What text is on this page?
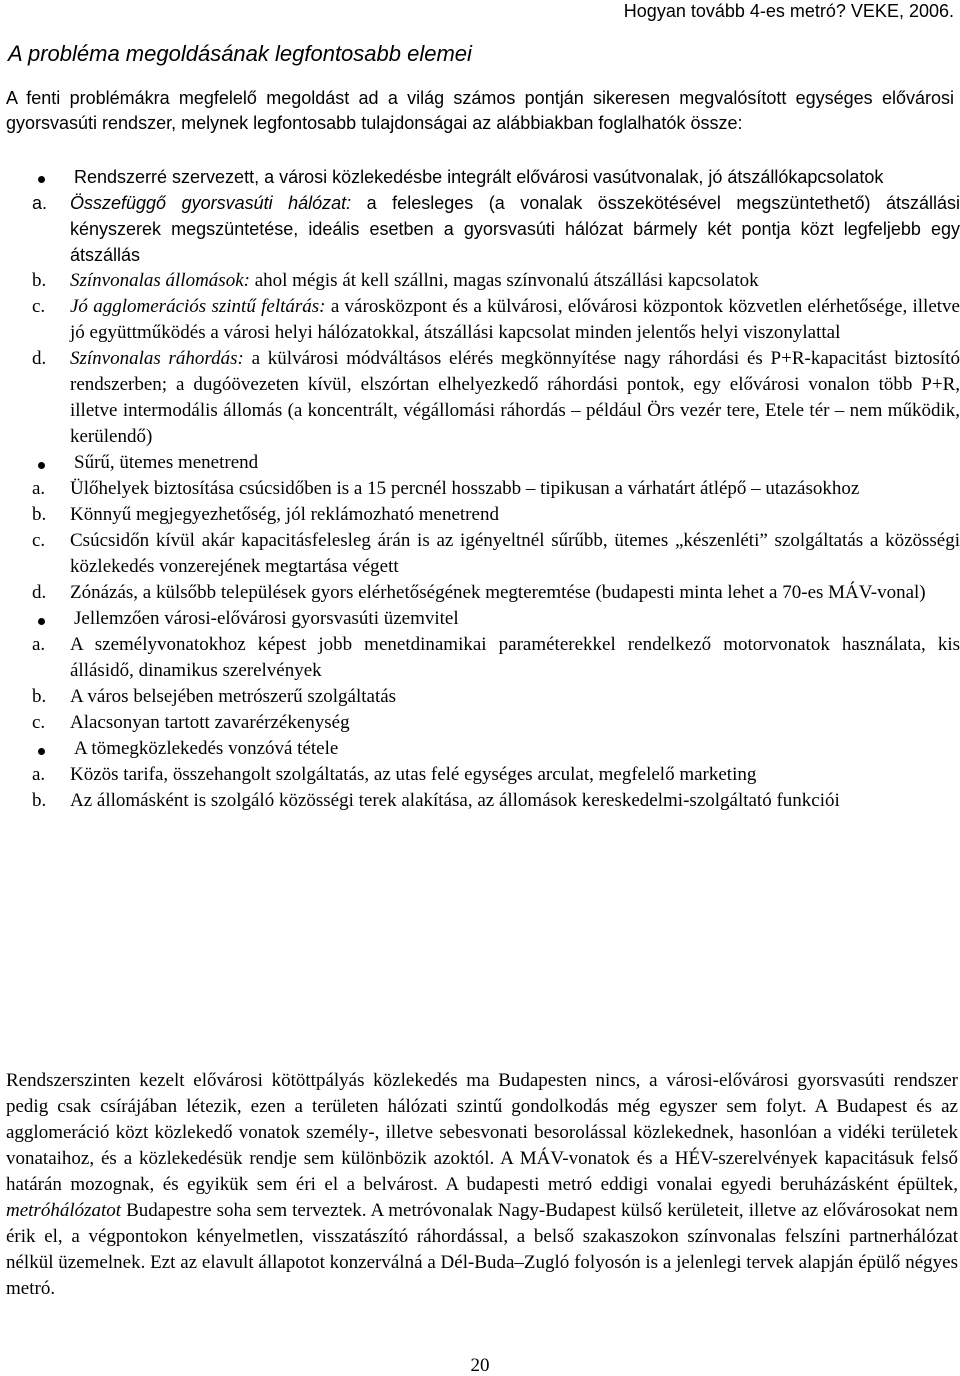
Hogyan tovább 4-es metró? VEKE, 2006.
A probléma megoldásának legfontosabb elemei

A fenti problémákra megfelelő megoldást ad a világ számos pontján sikeresen megvalósított egységes elővárosi gyorsvasúti rendszer, melynek legfontosabb tulajdonságai az alábbiakban foglalhatók össze:

Rendszerré szervezett, a városi közlekedésbe integrált elővárosi vasútvonalak, jó átszállókapcsolatok

a. Összefüggő gyorsvasúti hálózat: a felesleges (a vonalak összekötésével megszüntethető) átszállási kényszerek megszüntetése, ideális esetben a gyorsvasúti hálózat bármely két pontja közt legfeljebb egy átszállás

b. Színvonalas állomások: ahol mégis át kell szállni, magas színvonalú átszállási kapcsolatok

c. Jó agglomerációs szintű feltárás: a városközpont és a külvárosi, elővárosi központok közvetlen elérhetősége, illetve jó együttműködés a városi helyi hálózatokkal, átszállási kapcsolat minden jelentős helyi viszonylattal

d. Színvonalas ráhordás: a külvárosi módváltásos elérés megkönnyítése nagy ráhordási és P+R-kapacitást biztosító rendszerben; a dugóövezeten kívül, elszórtan elhelyezkedő ráhordási pontok, egy elővárosi vonalon több P+R, illetve intermodális állomás (a koncentrált, végállomási ráhordás – például Örs vezér tere, Etele tér – nem működik, kerülendő)

Sűrű, ütemes menetrend

a. Ülőhelyek biztosítása csúcsidőben is a 15 percnél hosszabb – tipikusan a várhatárt átlépő – utazásokhoz

b. Könnyű megjegyezhetőség, jól reklámozható menetrend

c. Csúcsidőn kívül akár kapacitásfelesleg árán is az igényeltnél sűrűbb, ütemes „készenléti” szolgáltatás a közösségi közlekedés vonzerejének megtartása végett

d. Zónázás, a külsőbb települések gyors elérhetőségének megteremtése (budapesti minta lehet a 70-es MÁV-vonal)

Jellemzően városi-elővárosi gyorsvasúti üzemvitel

a. A személyvonatokhoz képest jobb menetdinamikai paraméterekkel rendelkező motorvonatok használata, kis állásidő, dinamikus szerelvények

b. A város belsejében metrószerű szolgáltatás

c. Alacsonyan tartott zavarérzékenység

A tömegközlekedés vonzóvá tétele

a. Közös tarifa, összehangolt szolgáltatás, az utas felé egységes arculat, megfelelő marketing

b. Az állomásként is szolgáló közösségi terek alakítása, az állomások kereskedelmi-szolgáltató funkciói

Rendszerszinten kezelt elővárosi kötöttpályás közlekedés ma Budapesten nincs, a városi-elővárosi gyorsvasúti rendszer pedig csak csírájában létezik, ezen a területen hálózati szintű gondolkodás még egyszer sem folyt. A Budapest és az agglomeráció közt közlekedő vonatok személy-, illetve sebesvonati besorolással közlekednek, hasonlóan a vidéki területek vonataihoz, és a közlekedésük rendje sem különbözik azoktól. A MÁV-vonatok és a HÉV-szerelvények kapacitásuk felső határán mozognak, és egyikük sem éri el a belvárost. A budapesti metró eddigi vonalai egyedi beruházásként épültek, metróhálózatot Budapestre soha sem terveztek. A metróvonalak Nagy-Budapest külső kerületeit, illetve az elővárosokat nem érik el, a végpontokon kényelmetlen, visszatászító ráhordással, a belső szakaszokon színvonalas felszíni partnerhálózat nélkül üzemelnek. Ezt az elavult állapotot konzerválná a Dél-Buda–Zugló folyosón is a jelenlegi tervek alapján épülő négyes metró.

20
